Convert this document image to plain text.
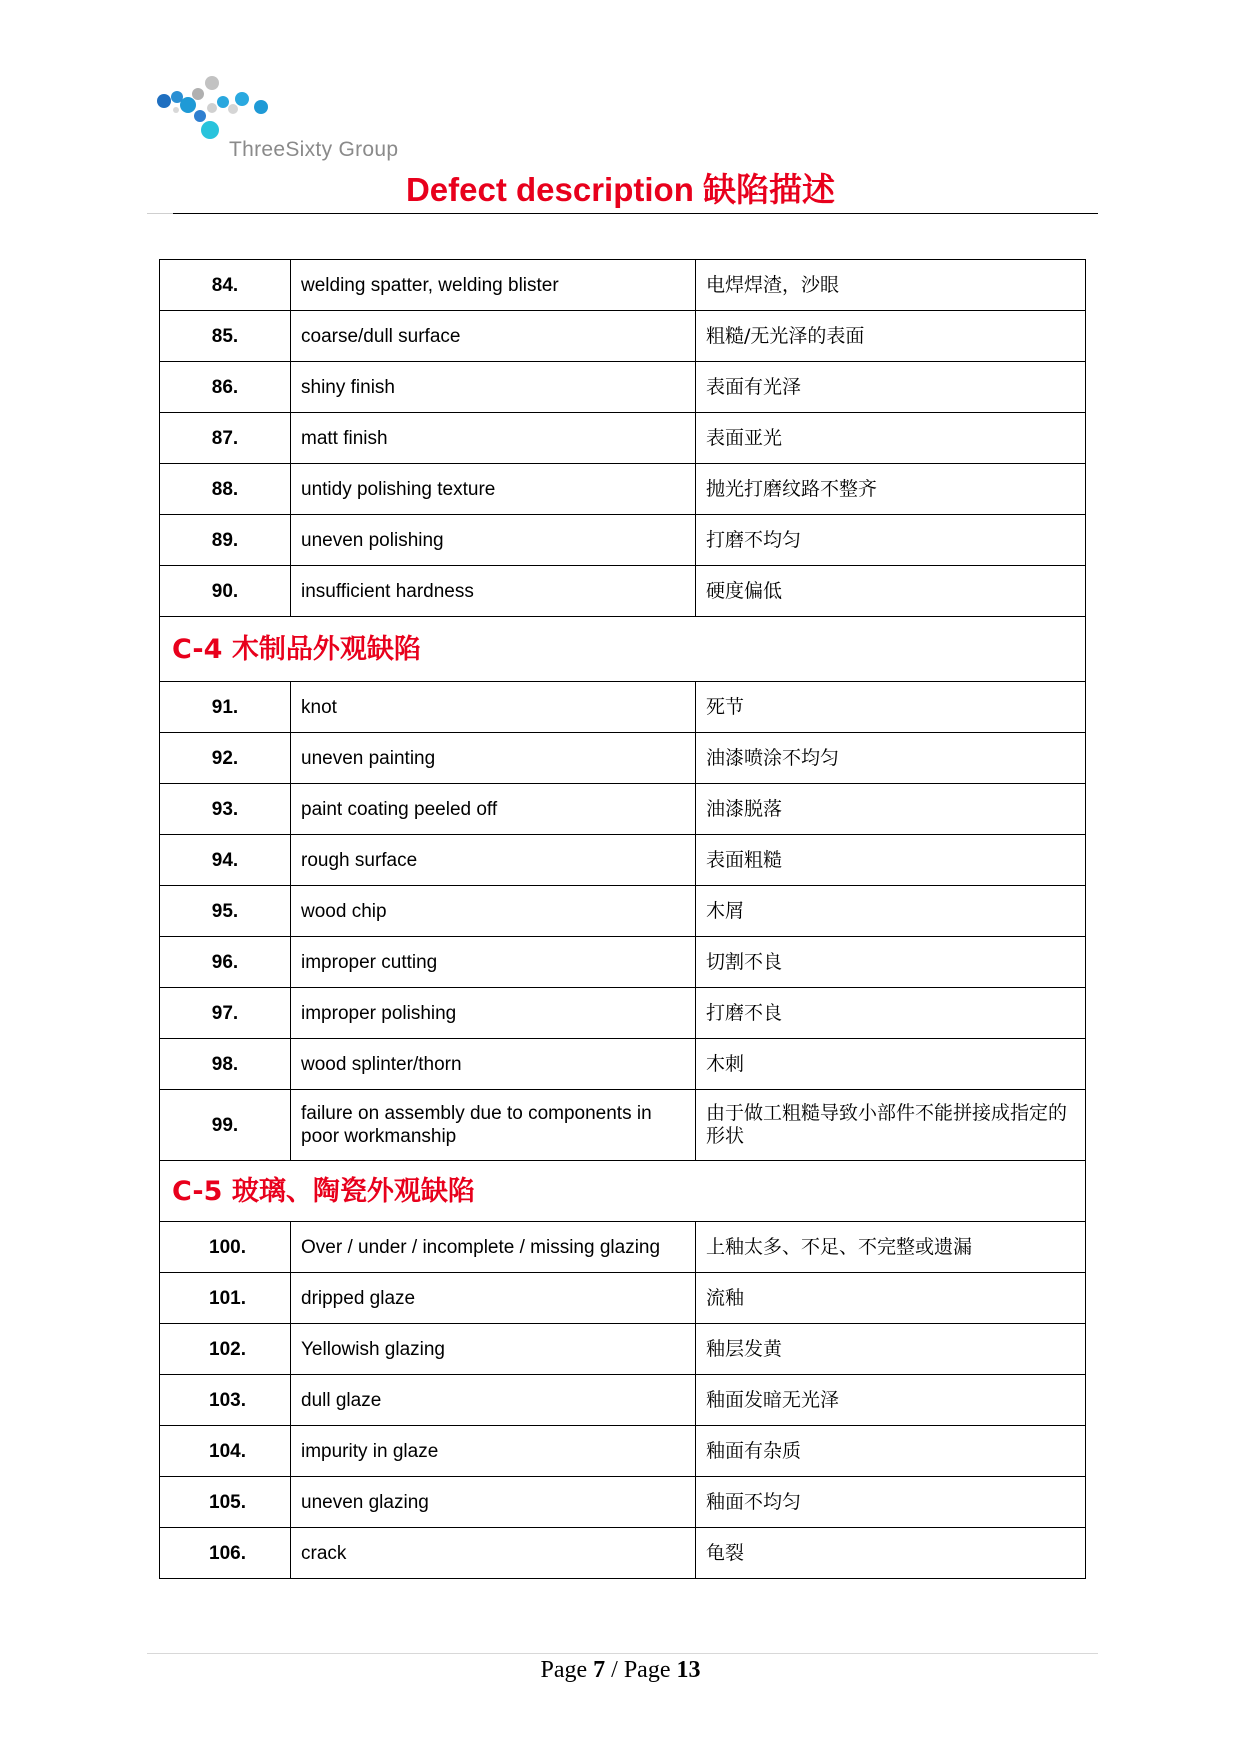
ThreeSixty Group
Defect description 缺陷描述
84.	welding spatter, welding blister	电焊焊渣，沙眼
85.	coarse/dull surface	粗糙/无光泽的表面
86.	shiny finish	表面有光泽
87.	matt finish	表面亚光
88.	untidy polishing texture	抛光打磨纹路不整齐
89.	uneven polishing	打磨不均匀
90.	insufficient hardness	硬度偏低
C-4 木制品外观缺陷		
91.	knot	死节
92.	uneven painting	油漆喷涂不均匀
93.	paint coating peeled off	油漆脱落
94.	rough surface	表面粗糙
95.	wood chip	木屑
96.	improper cutting	切割不良
97.	improper polishing	打磨不良
98.	wood splinter/thorn	木刺
99.	failure on assembly due to components in poor workmanship	由于做工粗糙导致小部件不能拼接成指定的形状
C-5 玻璃、陶瓷外观缺陷		
100.	Over / under / incomplete / missing glazing	上釉太多、不足、不完整或遗漏
101.	dripped glaze	流釉
102.	Yellowish glazing	釉层发黄
103.	dull glaze	釉面发暗无光泽
104.	impurity in glaze	釉面有杂质
105.	uneven glazing	釉面不均匀
106.	crack	龟裂
Page 7 / Page 13
